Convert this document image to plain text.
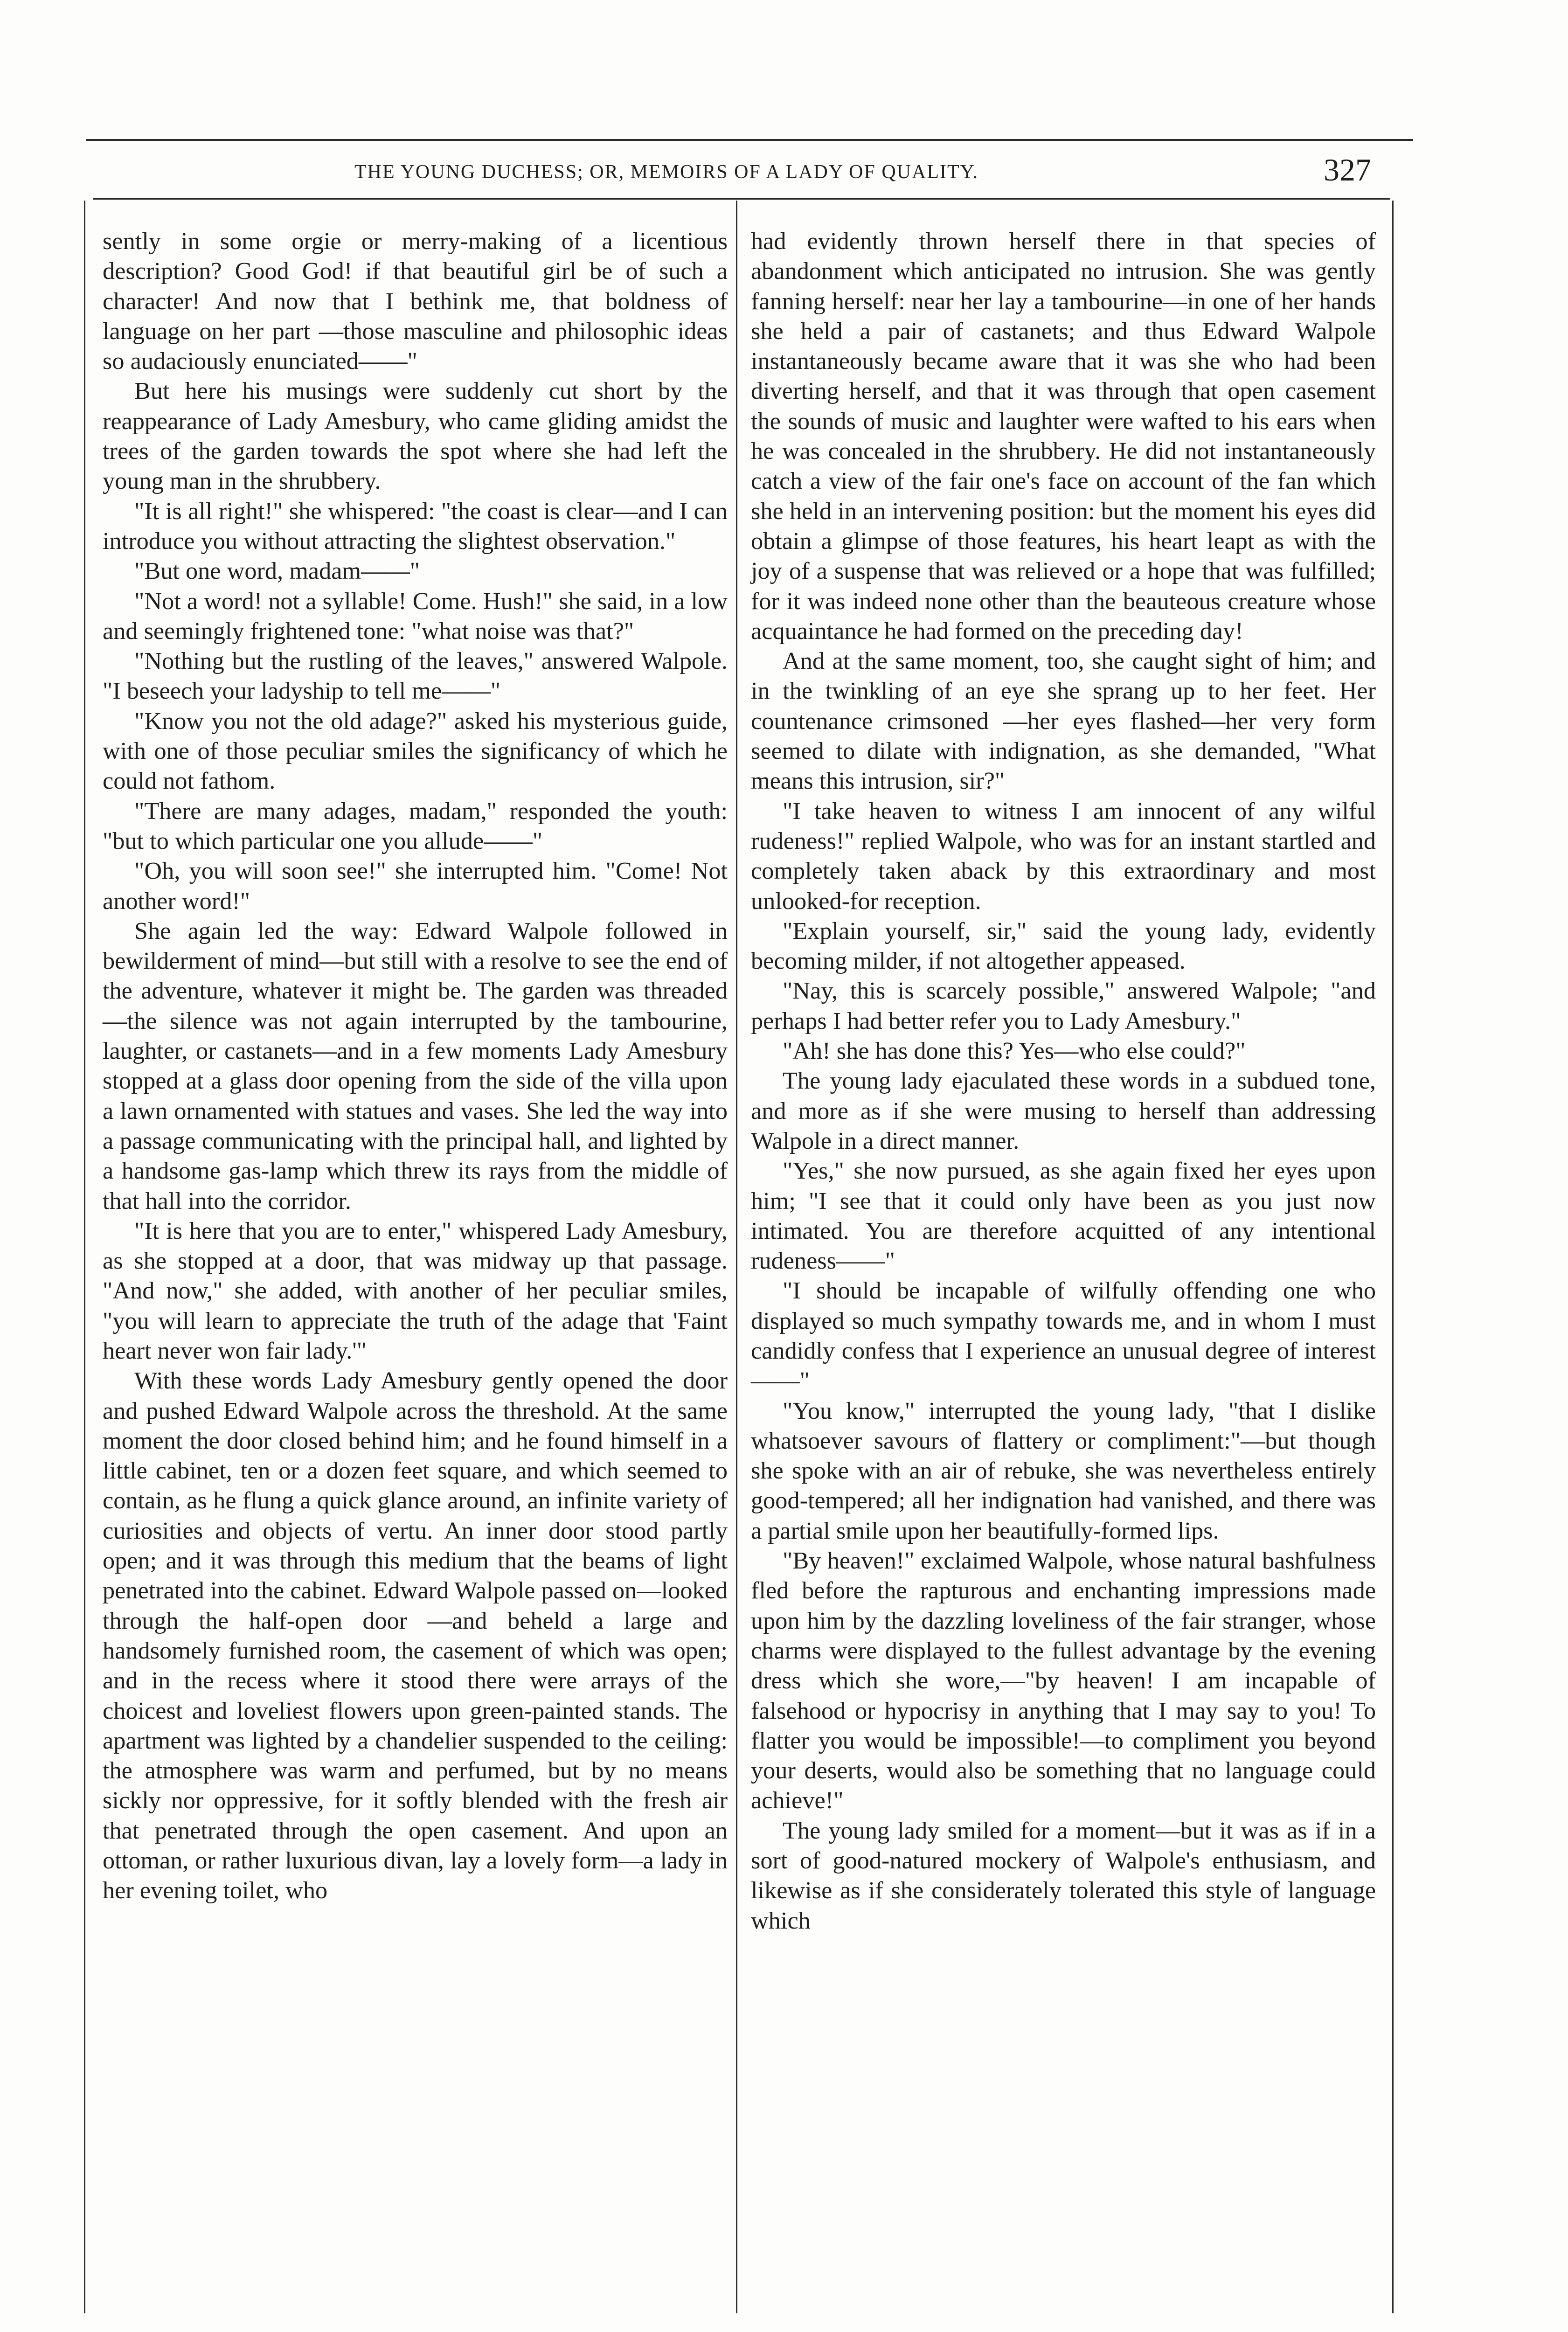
THE YOUNG DUCHESS; OR, MEMOIRS OF A LADY OF QUALITY.	327

sently in some orgie or merry-making of a licentious description? Good God! if that beautiful girl be of such a character! And now that I bethink me, that boldness of language on her part —those masculine and philosophic ideas so audaciously enunciated——"

But here his musings were suddenly cut short by the reappearance of Lady Amesbury, who came gliding amidst the trees of the garden towards the spot where she had left the young man in the shrubbery.

"It is all right!" she whispered: "the coast is clear—and I can introduce you without attracting the slightest observation."

"But one word, madam——"

"Not a word! not a syllable! Come. Hush!" she said, in a low and seemingly frightened tone: "what noise was that?"

"Nothing but the rustling of the leaves," answered Walpole. "I beseech your ladyship to tell me——"

"Know you not the old adage?" asked his mysterious guide, with one of those peculiar smiles the significancy of which he could not fathom.

"There are many adages, madam," responded the youth: "but to which particular one you allude——"

"Oh, you will soon see!" she interrupted him. "Come! Not another word!"

She again led the way: Edward Walpole followed in bewilderment of mind—but still with a resolve to see the end of the adventure, whatever it might be. The garden was threaded—the silence was not again interrupted by the tambourine, laughter, or castanets—and in a few moments Lady Amesbury stopped at a glass door opening from the side of the villa upon a lawn ornamented with statues and vases. She led the way into a passage communicating with the principal hall, and lighted by a handsome gas-lamp which threw its rays from the middle of that hall into the corridor.

"It is here that you are to enter," whispered Lady Amesbury, as she stopped at a door, that was midway up that passage. "And now," she added, with another of her peculiar smiles, "you will learn to appreciate the truth of the adage that 'Faint heart never won fair lady.'"

With these words Lady Amesbury gently opened the door and pushed Edward Walpole across the threshold. At the same moment the door closed behind him; and he found himself in a little cabinet, ten or a dozen feet square, and which seemed to contain, as he flung a quick glance around, an infinite variety of curiosities and objects of vertu. An inner door stood partly open; and it was through this medium that the beams of light penetrated into the cabinet. Edward Walpole passed on—looked through the half-open door —and beheld a large and handsomely furnished room, the casement of which was open; and in the recess where it stood there were arrays of the choicest and loveliest flowers upon green-painted stands. The apartment was lighted by a chandelier suspended to the ceiling: the atmosphere was warm and perfumed, but by no means sickly nor oppressive, for it softly blended with the fresh air that penetrated through the open casement. And upon an ottoman, or rather luxurious divan, lay a lovely form—a lady in her evening toilet, who

had evidently thrown herself there in that species of abandonment which anticipated no intrusion. She was gently fanning herself: near her lay a tambourine—in one of her hands she held a pair of castanets; and thus Edward Walpole instantaneously became aware that it was she who had been diverting herself, and that it was through that open casement the sounds of music and laughter were wafted to his ears when he was concealed in the shrubbery. He did not instantaneously catch a view of the fair one's face on account of the fan which she held in an intervening position: but the moment his eyes did obtain a glimpse of those features, his heart leapt as with the joy of a suspense that was relieved or a hope that was fulfilled; for it was indeed none other than the beauteous creature whose acquaintance he had formed on the preceding day!

And at the same moment, too, she caught sight of him; and in the twinkling of an eye she sprang up to her feet. Her countenance crimsoned —her eyes flashed—her very form seemed to dilate with indignation, as she demanded, "What means this intrusion, sir?"

"I take heaven to witness I am innocent of any wilful rudeness!" replied Walpole, who was for an instant startled and completely taken aback by this extraordinary and most unlooked-for reception.

"Explain yourself, sir," said the young lady, evidently becoming milder, if not altogether appeased.

"Nay, this is scarcely possible," answered Walpole; "and perhaps I had better refer you to Lady Amesbury."

"Ah! she has done this? Yes—who else could?"

The young lady ejaculated these words in a subdued tone, and more as if she were musing to herself than addressing Walpole in a direct manner.

"Yes," she now pursued, as she again fixed her eyes upon him; "I see that it could only have been as you just now intimated. You are therefore acquitted of any intentional rudeness——"

"I should be incapable of wilfully offending one who displayed so much sympathy towards me, and in whom I must candidly confess that I experience an unusual degree of interest——"

"You know," interrupted the young lady, "that I dislike whatsoever savours of flattery or compliment:"—but though she spoke with an air of rebuke, she was nevertheless entirely good-tempered; all her indignation had vanished, and there was a partial smile upon her beautifully-formed lips.

"By heaven!" exclaimed Walpole, whose natural bashfulness fled before the rapturous and enchanting impressions made upon him by the dazzling loveliness of the fair stranger, whose charms were displayed to the fullest advantage by the evening dress which she wore,—"by heaven! I am incapable of falsehood or hypocrisy in anything that I may say to you! To flatter you would be impossible!—to compliment you beyond your deserts, would also be something that no language could achieve!"

The young lady smiled for a moment—but it was as if in a sort of good-natured mockery of Walpole's enthusiasm, and likewise as if she considerately tolerated this style of language which
